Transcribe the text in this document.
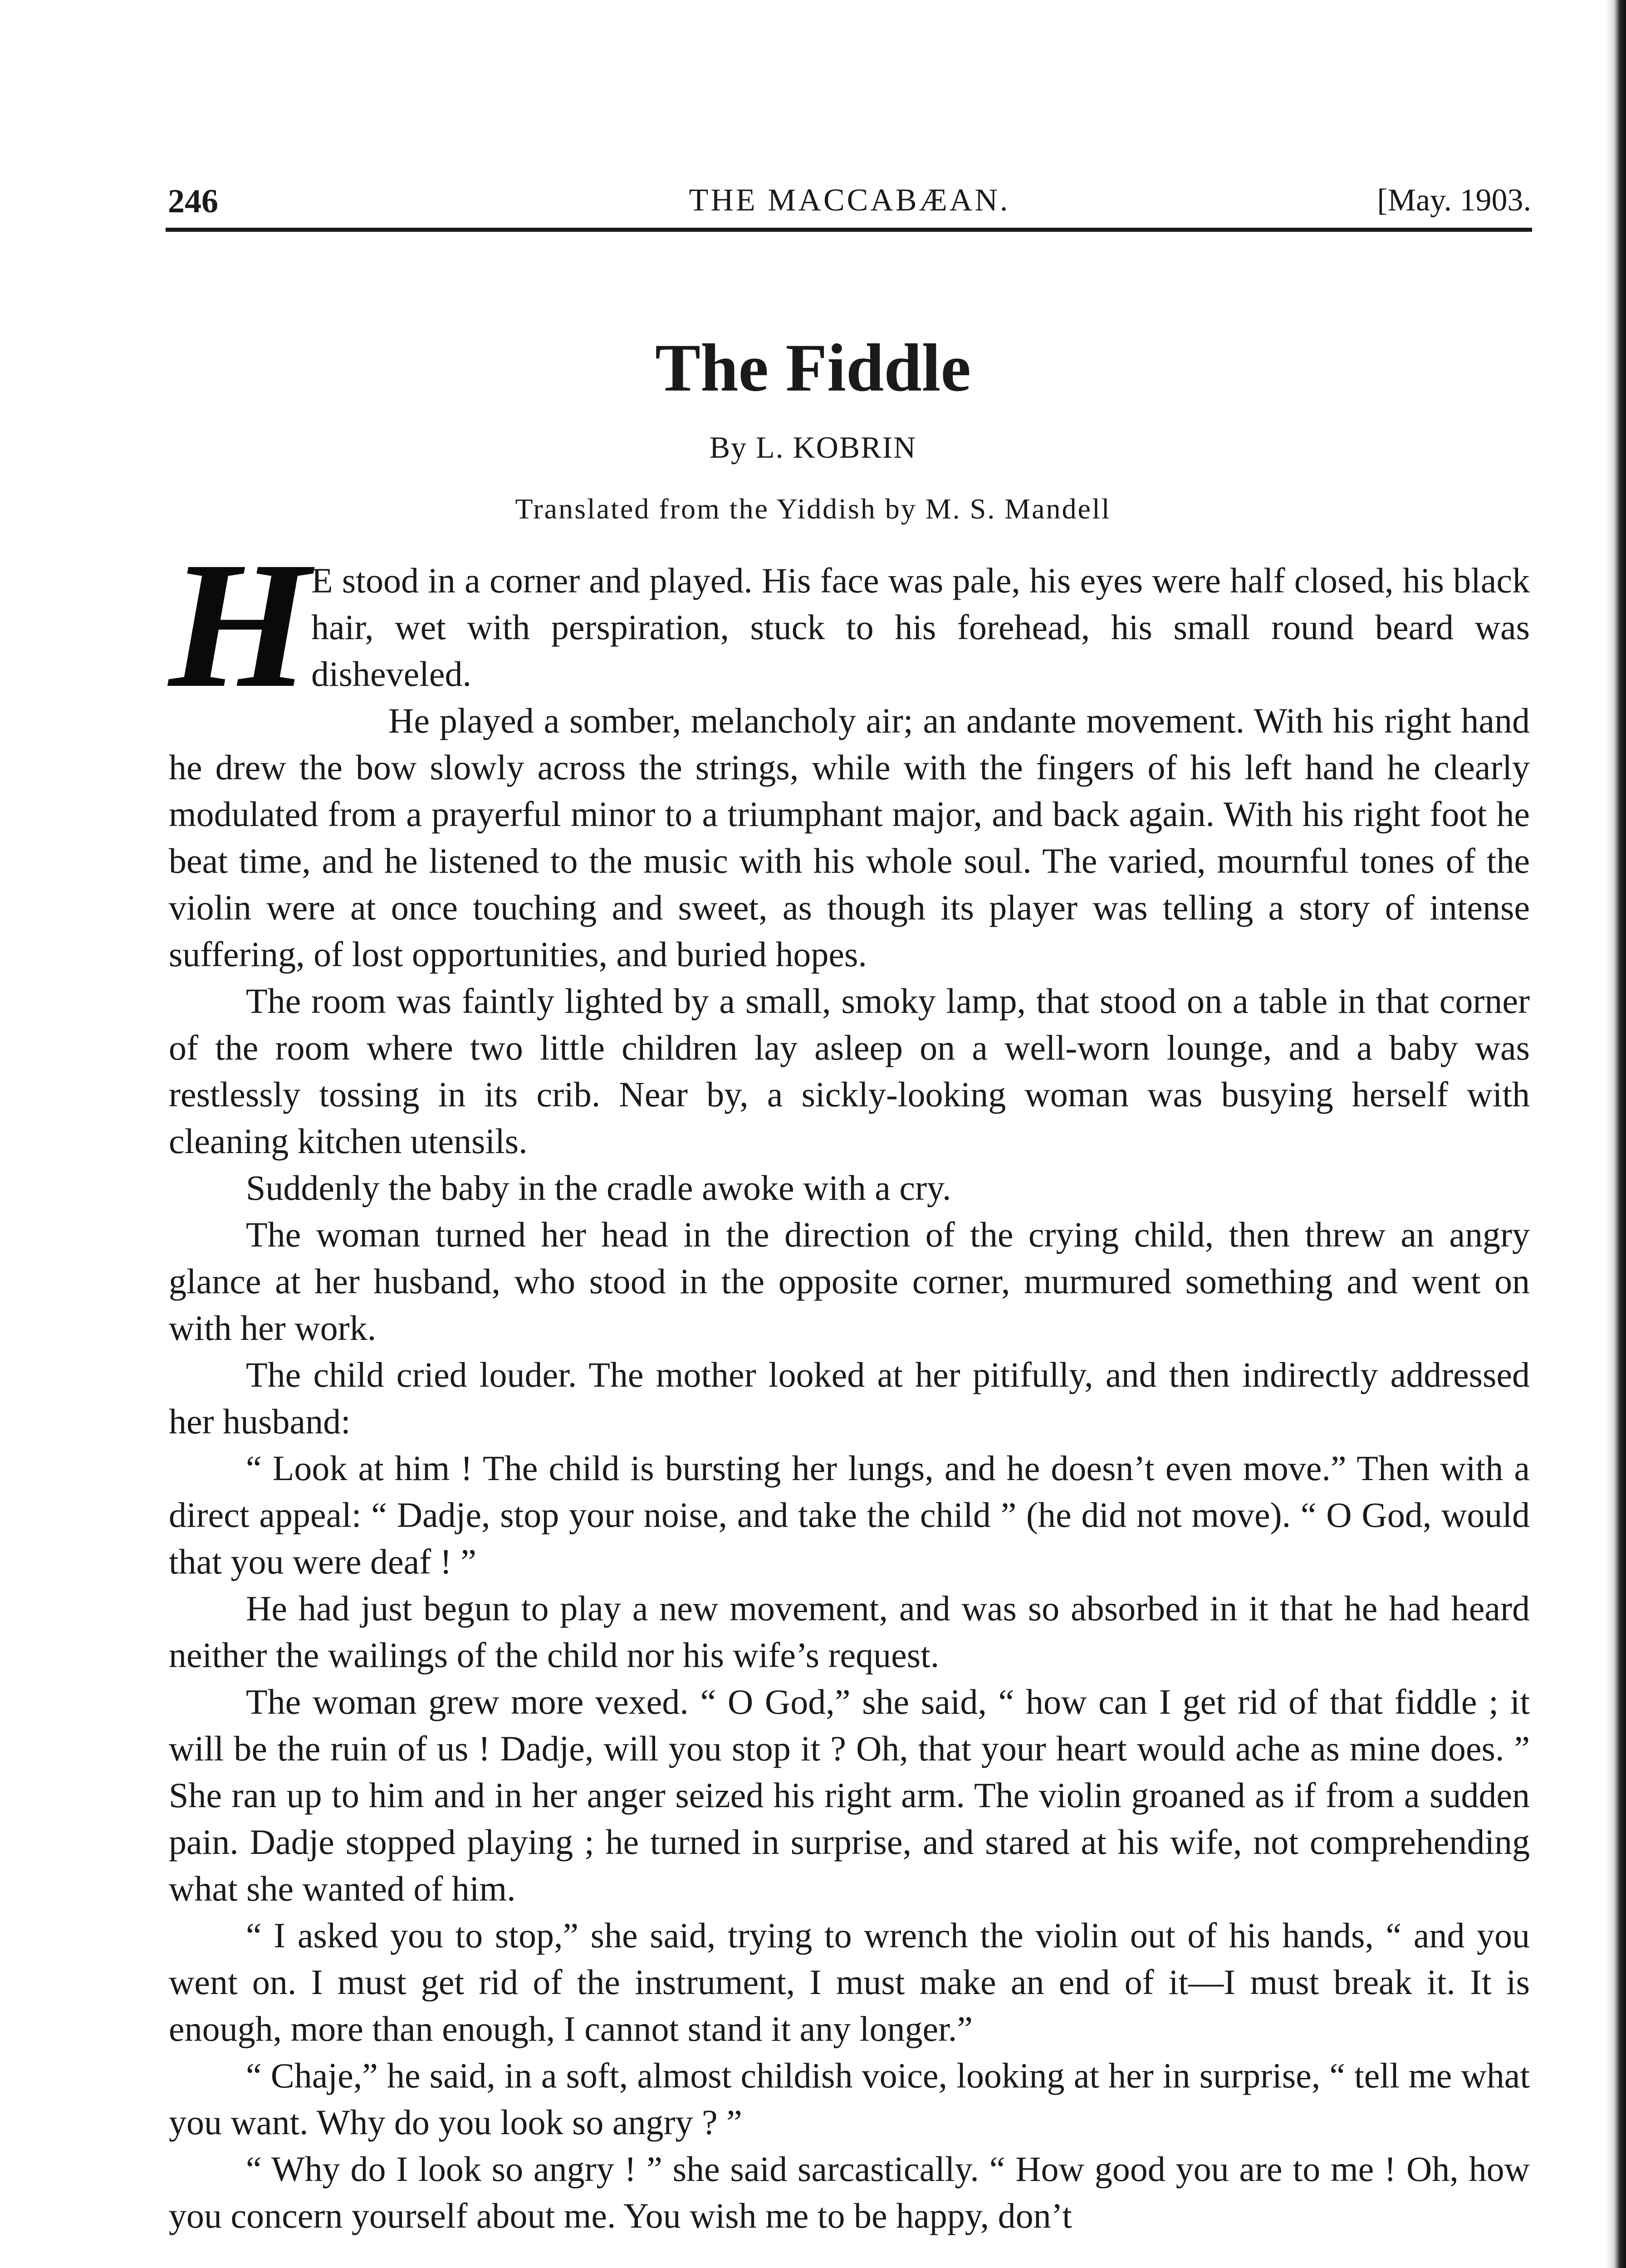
246	THE MACCABÆAN.	[May. 1903.
The Fiddle
By L. KOBRIN
Translated from the Yiddish by M. S. Mandell
H E stood in a corner and played. His face was pale, his eyes were half closed, his black hair, wet with perspiration, stuck to his forehead, his small round beard was disheveled.

He played a somber, melancholy air; an andante movement. With his right hand he drew the bow slowly across the strings, while with the fingers of his left hand he clearly modulated from a prayerful minor to a triumphant major, and back again. With his right foot he beat time, and he listened to the music with his whole soul. The varied, mournful tones of the violin were at once touching and sweet, as though its player was telling a story of intense suffering, of lost opportunities, and buried hopes.

The room was faintly lighted by a small, smoky lamp, that stood on a table in that corner of the room where two little children lay asleep on a well-worn lounge, and a baby was restlessly tossing in its crib. Near by, a sickly-looking woman was busying herself with cleaning kitchen utensils.

Suddenly the baby in the cradle awoke with a cry.

The woman turned her head in the direction of the crying child, then threw an angry glance at her husband, who stood in the opposite corner, murmured something and went on with her work.

The child cried louder. The mother looked at her pitifully, and then indirectly addressed her husband:

“ Look at him ! The child is bursting her lungs, and he doesn’t even move.” Then with a direct appeal: “ Dadje, stop your noise, and take the child ” (he did not move). “ O God, would that you were deaf ! ”

He had just begun to play a new movement, and was so absorbed in it that he had heard neither the wailings of the child nor his wife’s request.

The woman grew more vexed. “ O God,” she said, “ how can I get rid of that fiddle ; it will be the ruin of us ! Dadje, will you stop it ? Oh, that your heart would ache as mine does. ” She ran up to him and in her anger seized his right arm. The violin groaned as if from a sudden pain. Dadje stopped playing ; he turned in surprise, and stared at his wife, not comprehending what she wanted of him.

“ I asked you to stop,” she said, trying to wrench the violin out of his hands, “ and you went on. I must get rid of the instrument, I must make an end of it—I must break it. It is enough, more than enough, I cannot stand it any longer.”

“ Chaje,” he said, in a soft, almost childish voice, looking at her in surprise, “ tell me what you want. Why do you look so angry ? ”

“ Why do I look so angry ! ” she said sarcastically. “ How good you are to me ! Oh, how you concern yourself about me. You wish me to be happy, don’t
